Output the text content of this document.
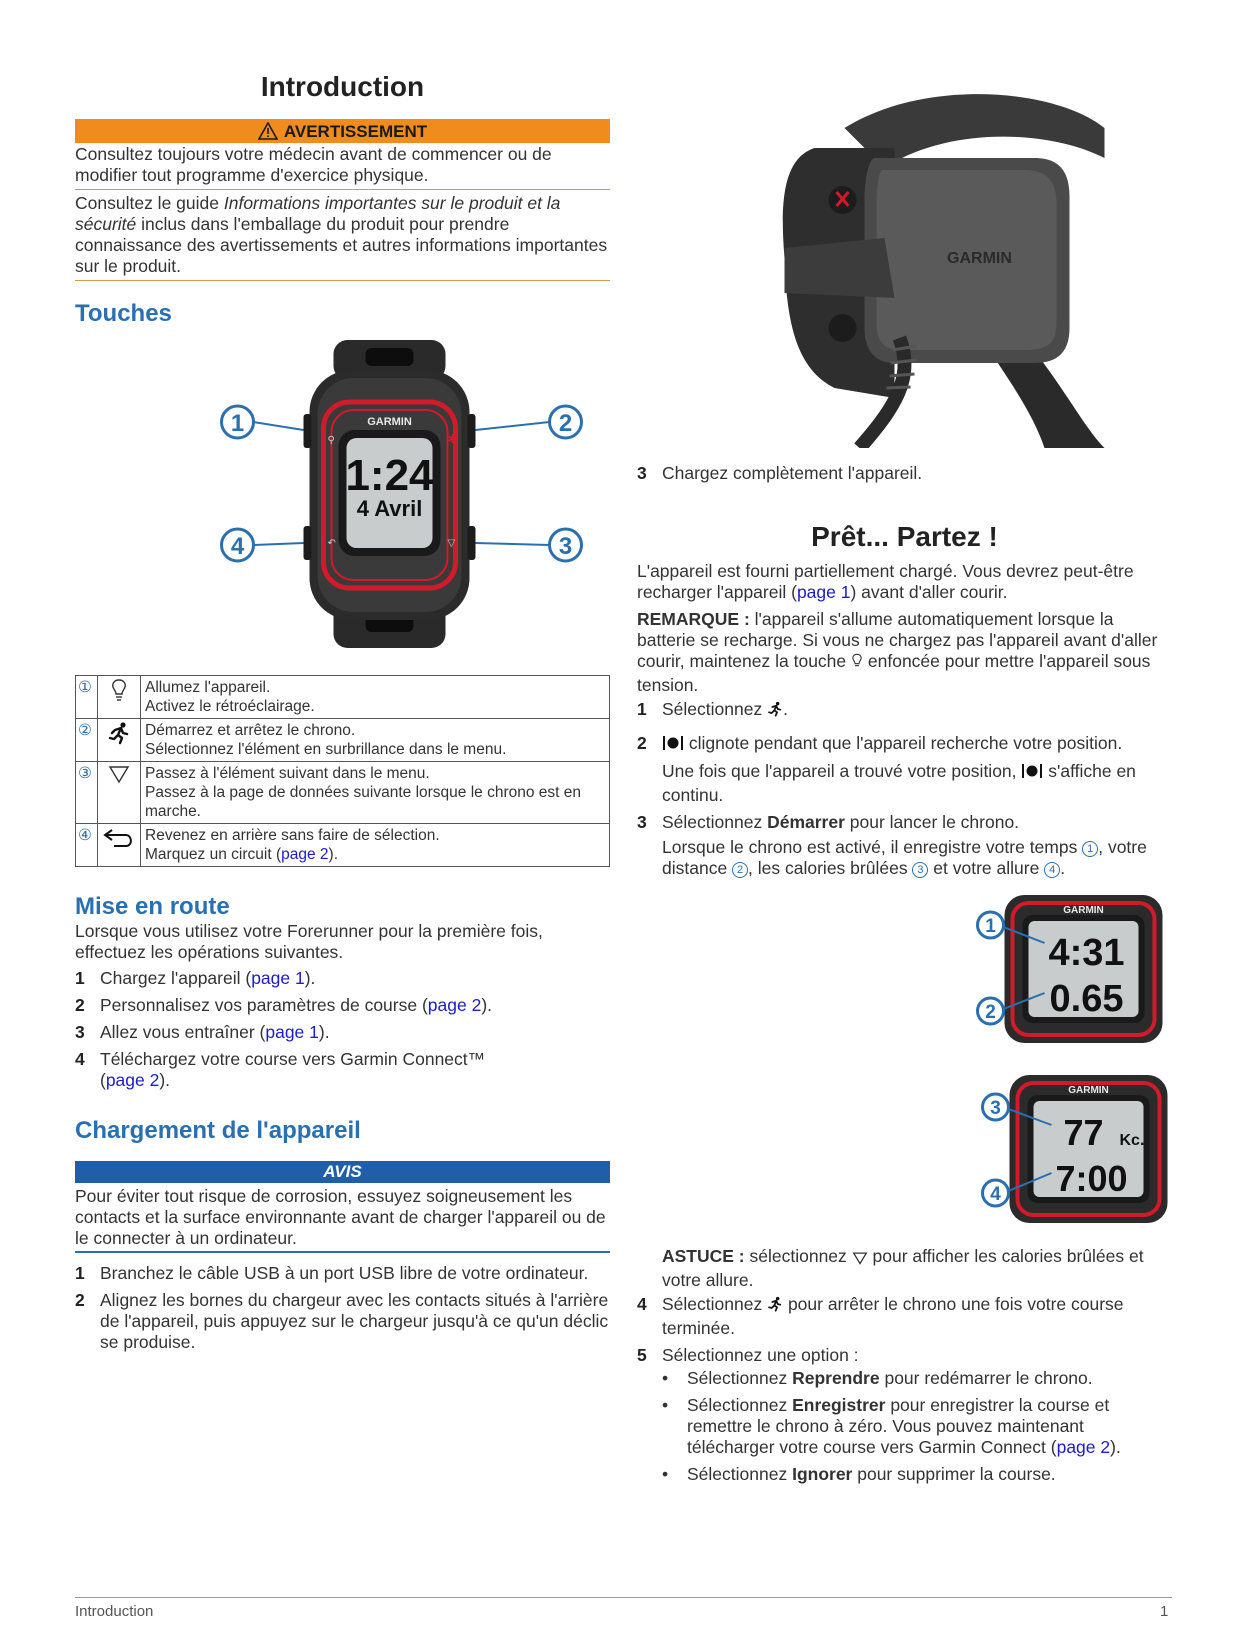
Introduction
AVERTISSEMENT

Consultez toujours votre médecin avant de commencer ou de modifier tout programme d'exercice physique.

Consultez le guide Informations importantes sur le produit et la sécurité inclus dans l'emballage du produit pour prendre connaissance des avertissements et autres informations importantes sur le produit.

Touches
GARMIN
1:24
4 Avril
⚲	✱
↶	▽
1	2
3
4
①		Allumez l'appareil.
Activez le rétroéclairage.

②		Démarrez et arrêtez le chrono.
Sélectionnez l'élément en surbrillance dans le menu.

③		Passez à l'élément suivant dans le menu.
Passez à la page de données suivante lorsque le chrono est en marche.

④		Revenez en arrière sans faire de sélection.
Marquez un circuit (page 2).
Mise en route

Lorsque vous utilisez votre Forerunner pour la première fois, effectuez les opérations suivantes.

1 Chargez l'appareil (page 1).
2 Personnalisez vos paramètres de course (page 2).
3 Allez vous entraîner (page 1).
4 Téléchargez votre course vers Garmin Connect™ (page 2).
Chargement de l'appareil
AVIS

Pour éviter tout risque de corrosion, essuyez soigneusement les contacts et la surface environnante avant de charger l'appareil ou de le connecter à un ordinateur.

1 Branchez le câble USB à un port USB libre de votre ordinateur.
2 Alignez les bornes du chargeur avec les contacts situés à l'arrière de l'appareil, puis appuyez sur le chargeur jusqu'à ce qu'un déclic se produise.
GARMIN
3 Chargez complètement l'appareil.
Prêt... Partez !

L'appareil est fourni partiellement chargé. Vous devrez peut-être recharger l'appareil (page 1) avant d'aller courir.

REMARQUE : l'appareil s'allume automatiquement lorsque la batterie se recharge. Si vous ne chargez pas l'appareil avant d'aller courir, maintenez la touche  enfoncée pour mettre l'appareil sous tension.

1 Sélectionnez .
2	clignote pendant que l'appareil recherche votre position.
Une fois que l'appareil a trouvé votre position,  s'affiche en continu.
3 Sélectionnez Démarrer pour lancer le chrono.
Lorsque le chrono est activé, il enregistre votre temps 1 , votre distance 2 , les calories brûlées 3 et votre allure 4 .
GARMIN
4:31
0.65
1
2
GARMIN
77 Kc.
7:00
3
4

ASTUCE : sélectionnez  pour afficher les calories brûlées et votre allure.

4 Sélectionnez  pour arrêter le chrono une fois votre course terminée.
5 Sélectionnez une option :
•	Sélectionnez Reprendre pour redémarrer le chrono.
•	Sélectionnez Enregistrer pour enregistrer la course et remettre le chrono à zéro. Vous pouvez maintenant télécharger votre course vers Garmin Connect (page 2).
•	Sélectionnez Ignorer pour supprimer la course.
Introduction	1
